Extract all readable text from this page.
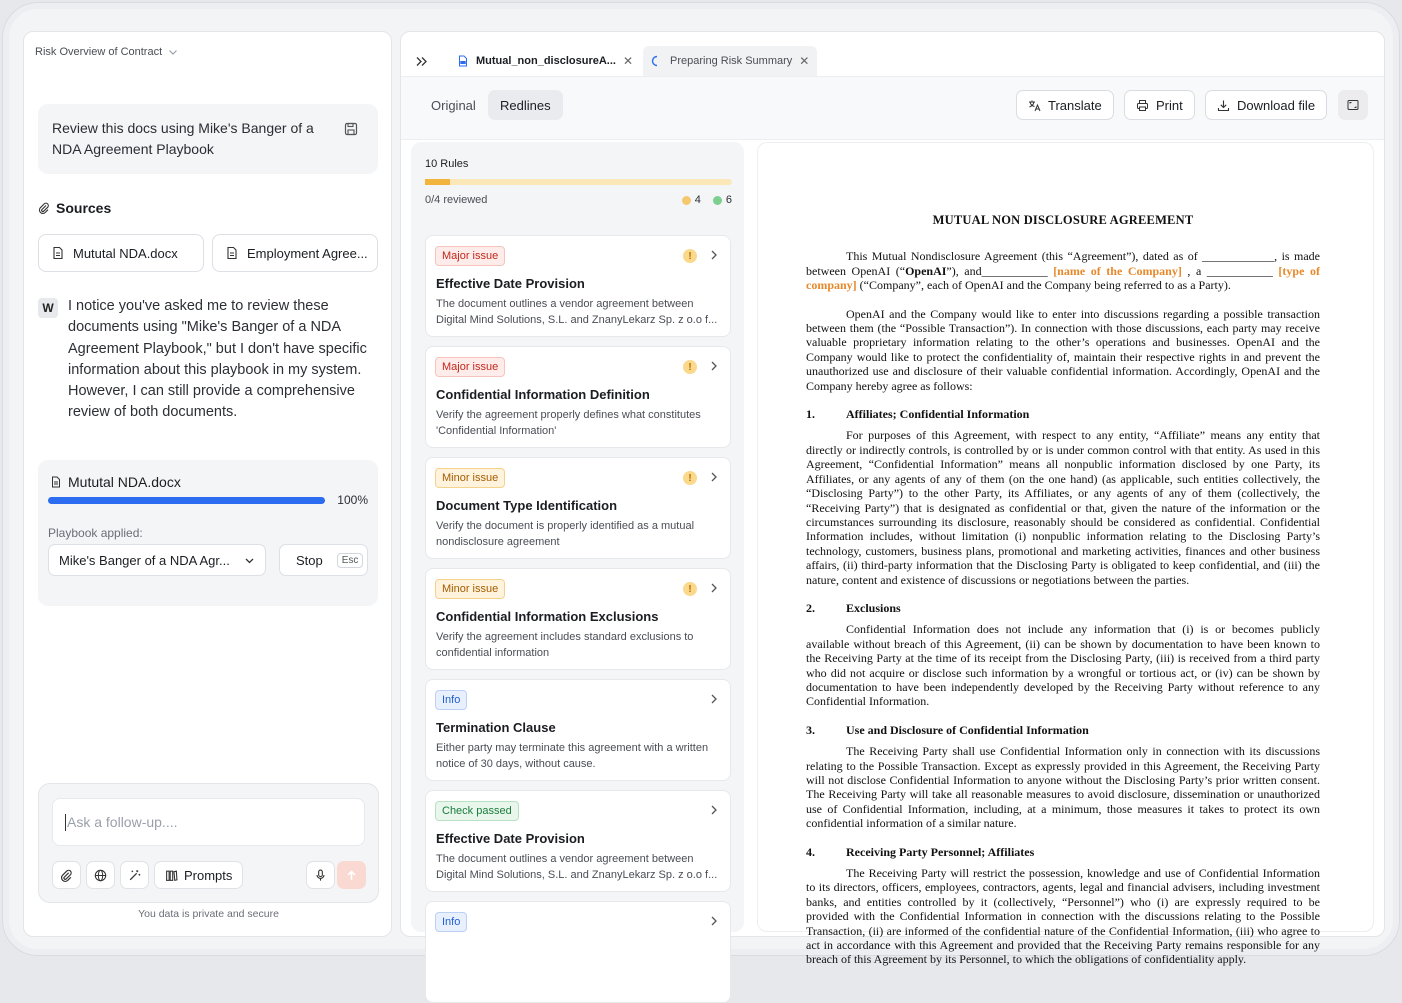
Risk Overview of Contract
Review this docs using Mike's Banger of a NDA Agreement Playbook
Sources
Mututal NDA.docx	Employment Agree...
W I notice you've asked me to review these documents using "Mike's Banger of a NDA Agreement Playbook," but I don't have specific information about this playbook in my system. However, I can still provide a comprehensive review of both documents.
Mututal NDA.docx
100%
Playbook applied:
Mike's Banger of a NDA Agr...	Stop	Esc
Ask a follow-up....
Prompts
You data is private and secure
Mutual_non_disclosureA... ✕	Preparing Risk Summary ✕
Original	Redlines	Translate	Print	Download file
10 Rules
0/4 reviewed	4 6
Major issue	!
Effective Date Provision
The document outlines a vendor agreement between Digital Mind Solutions, S.L. and ZnanyLekarz Sp. z o.o f...
Major issue	!
Confidential Information Definition
Verify the agreement properly defines what constitutes 'Confidential Information'
Minor issue	!
Document Type Identification
Verify the document is properly identified as a mutual nondisclosure agreement
Minor issue	!
Confidential Information Exclusions
Verify the agreement includes standard exclusions to confidential information
Info
Termination Clause
Either party may terminate this agreement with a written notice of 30 days, without cause.
Check passed
Effective Date Provision
The document outlines a vendor agreement between Digital Mind Solutions, S.L. and ZnanyLekarz Sp. z o.o f...
Info
MUTUAL NON DISCLOSURE AGREEMENT

This Mutual Nondisclosure Agreement (this “Agreement”), dated as of ____________, is made between OpenAI (“OpenAI”), and___________ [name of the Company] , a ___________ [type of company] (“Company”, each of OpenAI and the Company being referred to as a Party).

OpenAI and the Company would like to enter into discussions regarding a possible transaction between them (the “Possible Transaction”). In connection with those discussions, each party may receive valuable proprietary information relating to the other’s operations and businesses. OpenAI and the Company would like to protect the confidentiality of, maintain their respective rights in and prevent the unauthorized use and disclosure of their valuable confidential information. Accordingly, OpenAI and the Company hereby agree as follows:

1.	Affiliates; Confidential Information

For purposes of this Agreement, with respect to any entity, “Affiliate” means any entity that directly or indirectly controls, is controlled by or is under common control with that entity. As used in this Agreement, “Confidential Information” means all nonpublic information disclosed by one Party, its Affiliates, or any agents of any of them (on the one hand) (as applicable, such entities collectively, the “Disclosing Party”) to the other Party, its Affiliates, or any agents of any of them (collectively, the “Receiving Party”) that is designated as confidential or that, given the nature of the information or the circumstances surrounding its disclosure, reasonably should be considered as confidential. Confidential Information includes, without limitation (i) nonpublic information relating to the Disclosing Party’s technology, customers, business plans, promotional and marketing activities, finances and other business affairs, (ii) third-party information that the Disclosing Party is obligated to keep confidential, and (iii) the nature, content and existence of discussions or negotiations between the parties.

2.	Exclusions

Confidential Information does not include any information that (i) is or becomes publicly available without breach of this Agreement, (ii) can be shown by documentation to have been known to the Receiving Party at the time of its receipt from the Disclosing Party, (iii) is received from a third party who did not acquire or disclose such information by a wrongful or tortious act, or (iv) can be shown by documentation to have been independently developed by the Receiving Party without reference to any Confidential Information.

3.	Use and Disclosure of Confidential Information

The Receiving Party shall use Confidential Information only in connection with its discussions relating to the Possible Transaction. Except as expressly provided in this Agreement, the Receiving Party will not disclose Confidential Information to anyone without the Disclosing Party’s prior written consent. The Receiving Party will take all reasonable measures to avoid disclosure, dissemination or unauthorized use of Confidential Information, including, at a minimum, those measures it takes to protect its own confidential information of a similar nature.

4.	Receiving Party Personnel; Affiliates

The Receiving Party will restrict the possession, knowledge and use of Confidential Information to its directors, officers, employees, contractors, agents, legal and financial advisers, including investment banks, and entities controlled by it (collectively, “Personnel”) who (i) are expressly required to be provided with the Confidential Information in connection with the discussions relating to the Possible Transaction, (ii) are informed of the confidential nature of the Confidential Information, (iii) who agree to act in accordance with this Agreement and provided that the Receiving Party remains responsible for any breach of this Agreement by its Personnel, to which the obligations of confidentiality apply.
